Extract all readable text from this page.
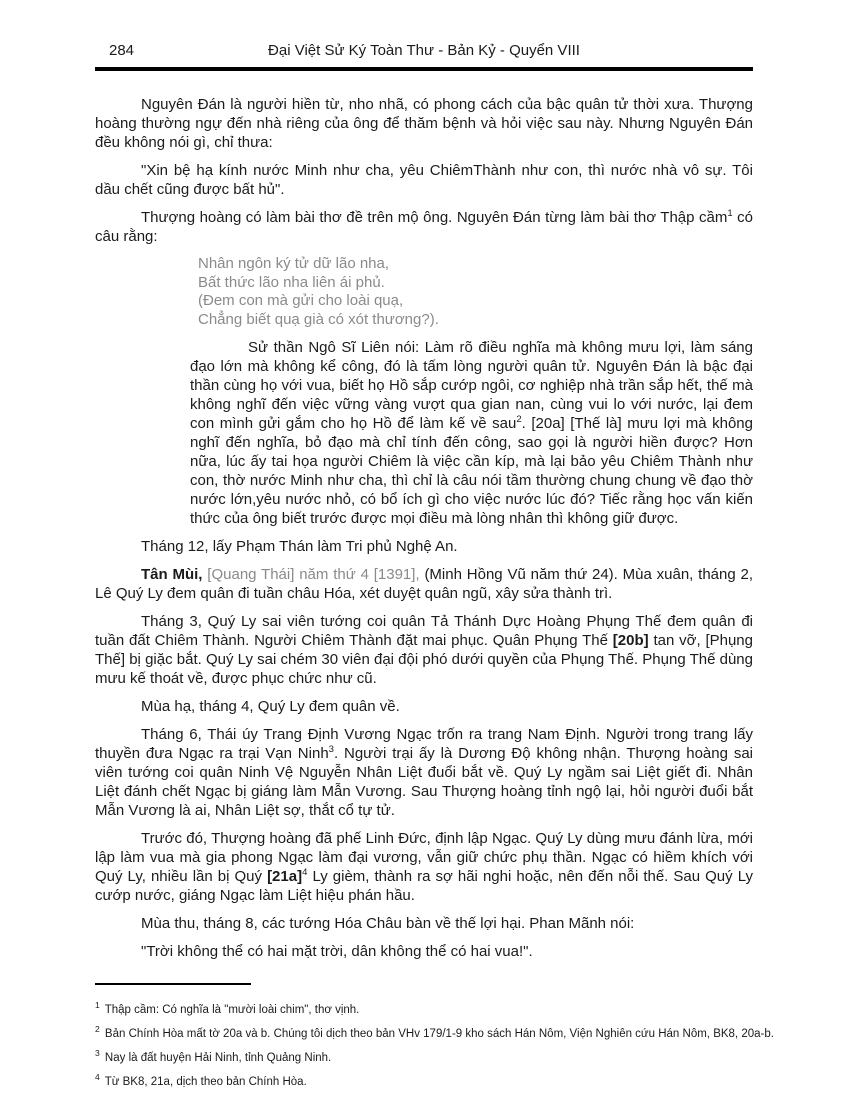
284	Đại Việt Sử Ký Toàn Thư - Bản Kỷ - Quyển VIII

Nguyên Đán là người hiền từ, nho nhã, có phong cách của bậc quân tử thời xưa. Thượng hoàng thường ngự đến nhà riêng của ông để thăm bệnh và hỏi việc sau này. Nhưng Nguyên Đán đều không nói gì, chỉ thưa:

"Xin bệ hạ kính nước Minh như cha, yêu ChiêmThành như con, thì nước nhà vô sự. Tôi dầu chết cũng được bất hủ".

Thượng hoàng có làm bài thơ đề trên mộ ông. Nguyên Đán từng làm bài thơ Thập cầm$^1$ có câu rằng:

Nhân ngôn ký tử dữ lão nha,
Bất thức lão nha liên ái phủ.
(Đem con mà gửi cho loài quạ,
Chẳng biết quạ già có xót thương?).

Sử thần Ngô Sĩ Liên nói: Làm rõ điều nghĩa mà không mưu lợi, làm sáng đạo lớn mà không kể công, đó là tấm lòng người quân tử. Nguyên Đán là bậc đại thần cùng họ với vua, biết họ Hồ sắp cướp ngôi, cơ nghiệp nhà trần sắp hết, thế mà không nghĩ đến việc vững vàng vượt qua gian nan, cùng vui lo với nước, lại đem con mình gửi gắm cho họ Hồ để làm kế về sau$^2$. [20a] [Thế là] mưu lợi mà không nghĩ đến nghĩa, bỏ đạo mà chỉ tính đến công, sao gọi là người hiền được? Hơn nữa, lúc ấy tai họa người Chiêm là việc cần kíp, mà lại bảo yêu Chiêm Thành như con, thờ nước Minh như cha, thì chỉ là câu nói tầm thường chung chung về đạo thờ nước lớn,yêu nước nhỏ, có bổ ích gì cho việc nước lúc đó? Tiếc rằng học vấn kiến thức của ông biết trước được mọi điều mà lòng nhân thì không giữ được.

Tháng 12, lấy Phạm Thán làm Tri phủ Nghệ An.

Tân Mùi, [Quang Thái] năm thứ 4 [1391], (Minh Hồng Vũ năm thứ 24). Mùa xuân, tháng 2, Lê Quý Ly đem quân đi tuần châu Hóa, xét duyệt quân ngũ, xây sửa thành trì.

Tháng 3, Quý Ly sai viên tướng coi quân Tả Thánh Dực Hoàng Phụng Thế đem quân đi tuần đất Chiêm Thành. Người Chiêm Thành đặt mai phục. Quân Phụng Thế [20b] tan vỡ, [Phụng Thế] bị giặc bắt. Quý Ly sai chém 30 viên đại đội phó dưới quyền của Phụng Thế. Phụng Thế dùng mưu kế thoát về, được phục chức như cũ.

Mùa hạ, tháng 4, Quý Ly đem quân về.

Tháng 6, Thái úy Trang Định Vương Ngạc trốn ra trang Nam Định. Người trong trang lấy thuyền đưa Ngạc ra trại Vạn Ninh$^3$. Người trại ấy là Dương Độ không nhận. Thượng hoàng sai viên tướng coi quân Ninh Vệ Nguyễn Nhân Liệt đuổi bắt về. Quý Ly ngầm sai Liệt giết đi. Nhân Liệt đánh chết Ngạc bị giáng làm Mẫn Vương. Sau Thượng hoàng tỉnh ngộ lại, hỏi người đuổi bắt Mẫn Vương là ai, Nhân Liệt sợ, thắt cổ tự tử.

Trước đó, Thượng hoàng đã phế Linh Đức, định lập Ngạc. Quý Ly dùng mưu đánh lừa, mới lập làm vua mà gia phong Ngạc làm đại vương, vẫn giữ chức phụ thần. Ngạc có hiềm khích với Quý Ly, nhiều lần bị Quý [21a]$^4$ Ly gièm, thành ra sợ hãi nghi hoặc, nên đến nỗi thế. Sau Quý Ly cướp nước, giáng Ngạc làm Liệt hiệu phán hầu.

Mùa thu, tháng 8, các tướng Hóa Châu bàn về thế lợi hại. Phan Mãnh nói:

"Trời không thể có hai mặt trời, dân không thể có hai vua!".

$^1$ Thập cầm: Có nghĩa là "mười loài chim", thơ vịnh.
$^2$ Bản Chính Hòa mất tờ 20a và b. Chúng tôi dịch theo bản VHv 179/1-9 kho sách Hán Nôm, Viện Nghiên cứu Hán Nôm, BK8, 20a-b.
$^3$ Nay là đất huyện Hải Ninh, tỉnh Quảng Ninh.
$^4$ Từ BK8, 21a, dịch theo bản Chính Hòa.
